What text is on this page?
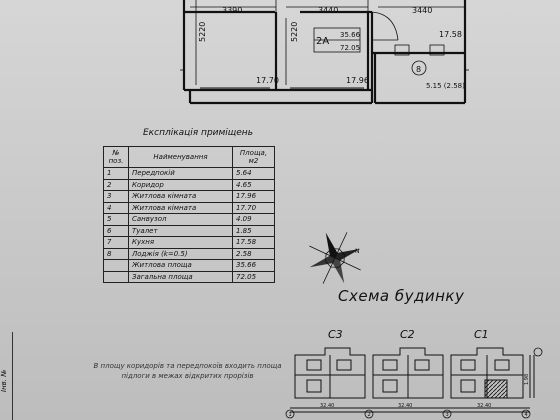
3390	3440	3440
5220	5220
17.70	17.96
17.58
2A
35.66
72.05
8
5.15 (2.58)
Експлікація приміщень
№ поз.	Найменування	Площа, м2
1	Передпокій	5.64
2	Коридор	4.65
3	Житлова кімната	17.96
4	Житлова кімната	17.70
5	Санвузол	4.09
6	Туалет	1.85
7	Кухня	17.58
8	Лоджія (k=0.5)	2.58
	Житлова площа	35.66
	Загальна площа	72.05
N
Схема будинку
С3	С2	С1
1	2	3	4
32.40	32.40	32.40
1.98
В площу коридорів та передпокоїв входить площа підлоги в межах відкритих прорізів
Інв. №
